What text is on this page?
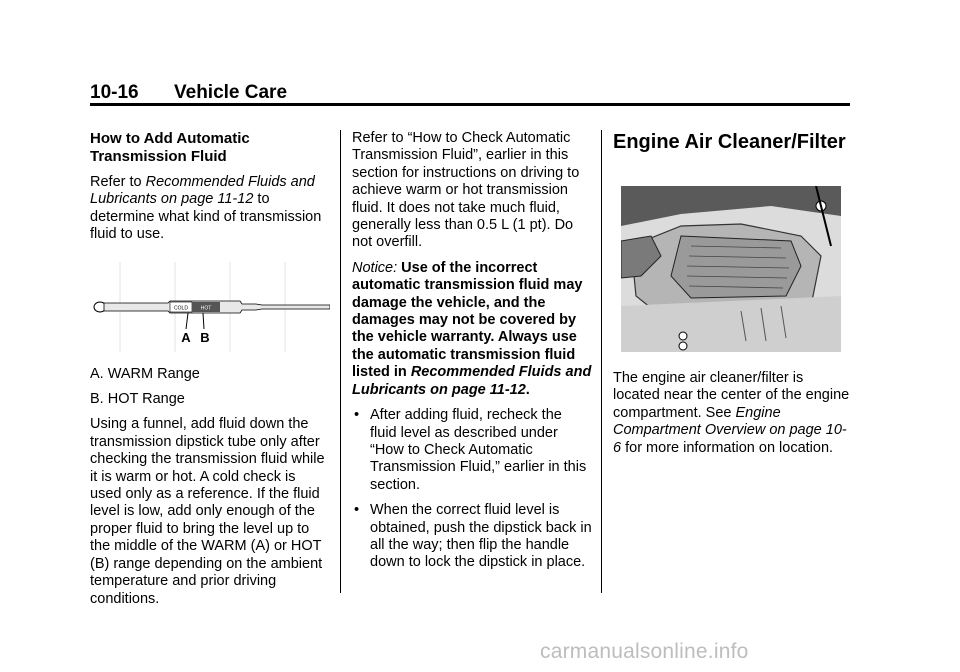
10-16 Vehicle Care
How to Add Automatic
Transmission Fluid

Refer to Recommended Fluids and Lubricants on page 11-12 to determine what kind of transmission fluid to use.

COLD	HOT
A B

A. WARM Range

B. HOT Range

Using a funnel, add fluid down the transmission dipstick tube only after checking the transmission fluid while it is warm or hot. A cold check is used only as a reference. If the fluid level is low, add only enough of the proper fluid to bring the level up to the middle of the WARM (A) or HOT (B) range depending on the ambient temperature and prior driving conditions.

Refer to “How to Check Automatic Transmission Fluid”, earlier in this section for instructions on driving to achieve warm or hot transmission fluid. It does not take much fluid, generally less than 0.5 L (1 pt). Do not overfill.

Notice: Use of the incorrect automatic transmission fluid may damage the vehicle, and the damages may not be covered by the vehicle warranty. Always use the automatic transmission fluid listed in Recommended Fluids and Lubricants on page 11-12.

• After adding fluid, recheck the fluid level as described under “How to Check Automatic Transmission Fluid,” earlier in this section.
• When the correct fluid level is obtained, push the dipstick back in all the way; then flip the handle down to lock the dipstick in place.
Engine Air Cleaner/Filter

The engine air cleaner/filter is located near the center of the engine compartment. See Engine Compartment Overview on page 10-6 for more information on location.

carmanualsonline.info
